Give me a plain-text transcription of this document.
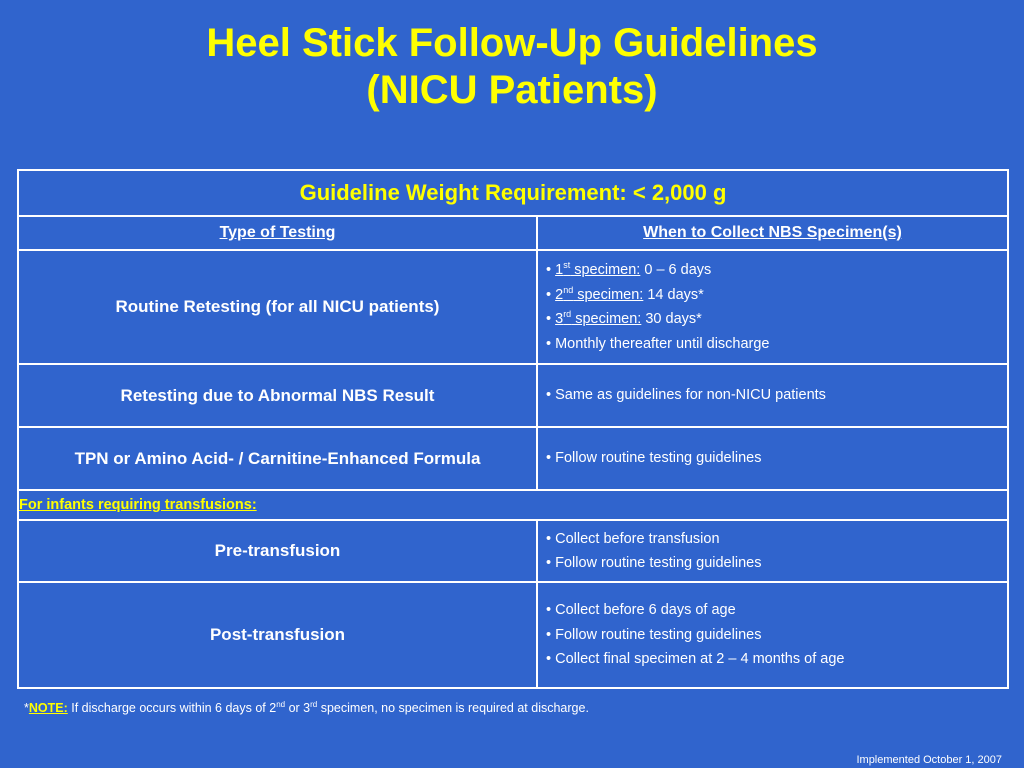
Heel Stick Follow-Up Guidelines
(NICU Patients)
Guideline Weight Requirement: < 2,000 g	
Type of Testing	When to Collect NBS Specimen(s)
Routine Retesting (for all NICU patients)	• 1st specimen: 0 – 6 days
• 2nd specimen: 14 days*
• 3rd specimen: 30 days*
• Monthly thereafter until discharge

Retesting due to Abnormal NBS Result	• Same as guidelines for non-NICU patients

TPN or Amino Acid- / Carnitine-Enhanced Formula	• Follow routine testing guidelines

For infants requiring transfusions:	
Pre-transfusion	• Collect before transfusion
• Follow routine testing guidelines

Post-transfusion	• Collect before 6 days of age
• Follow routine testing guidelines
• Collect final specimen at 2 – 4 months of age
*NOTE: If discharge occurs within 6 days of 2nd or 3rd specimen, no specimen is required at discharge.
Implemented October 1, 2007
